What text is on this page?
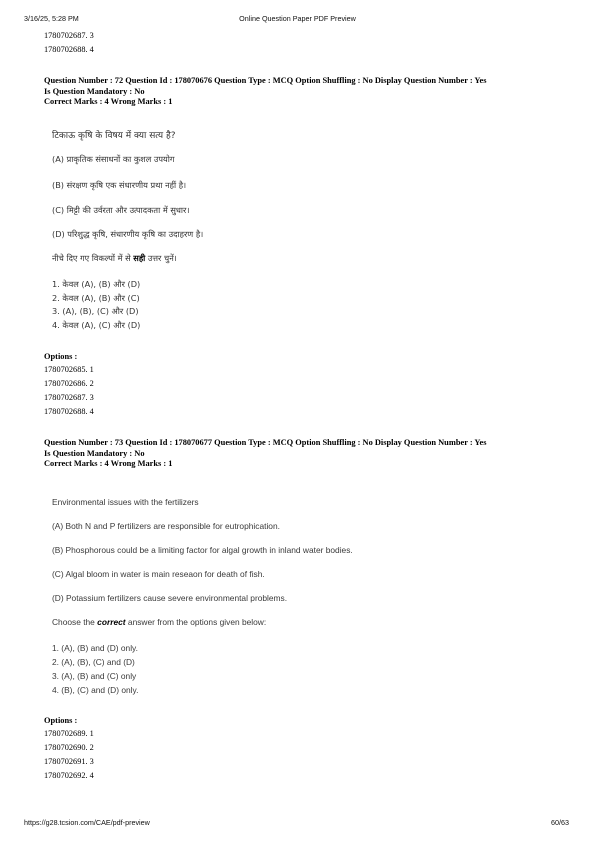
3/16/25, 5:28 PM	Online Question Paper PDF Preview
1780702687. 3
1780702688. 4
Question Number : 72 Question Id : 178070676 Question Type : MCQ Option Shuffling : No Display Question Number : Yes
Is Question Mandatory : No
Correct Marks : 4 Wrong Marks : 1

टिकाऊ कृषि के विषय में क्या सत्य है?

(A) प्राकृतिक संसाधनों का कुशल उपयोग

(B) संरक्षण कृषि एक संधारणीय प्रथा नहीं है।

(C) मिट्टी की उर्वरता और उत्पादकता में सुधार।

(D) परिशुद्ध कृषि, संधारणीय कृषि का उदाहरण है।

नीचे दिए गए विकल्पों में से सही उत्तर चुनें।

1. केवल (A), (B) और (D)
2. केवल (A), (B) और (C)
3. (A), (B), (C) और (D)
4. केवल (A), (C) और (D)
Options :
1780702685. 1
1780702686. 2
1780702687. 3
1780702688. 4
Question Number : 73 Question Id : 178070677 Question Type : MCQ Option Shuffling : No Display Question Number : Yes
Is Question Mandatory : No
Correct Marks : 4 Wrong Marks : 1

Environmental issues with the fertilizers

(A) Both N and P fertilizers are responsible for eutrophication.

(B) Phosphorous could be a limiting factor for algal growth in inland water bodies.

(C) Algal bloom in water is main reseaon for death of fish.

(D) Potassium fertilizers cause severe environmental problems.

Choose the correct answer from the options given below:

1. (A), (B) and (D) only.
2. (A), (B), (C) and (D)
3. (A), (B) and (C) only
4. (B), (C) and (D) only.
Options :
1780702689. 1
1780702690. 2
1780702691. 3
1780702692. 4
https://g28.tcsion.com/CAE/pdf-preview	60/63
